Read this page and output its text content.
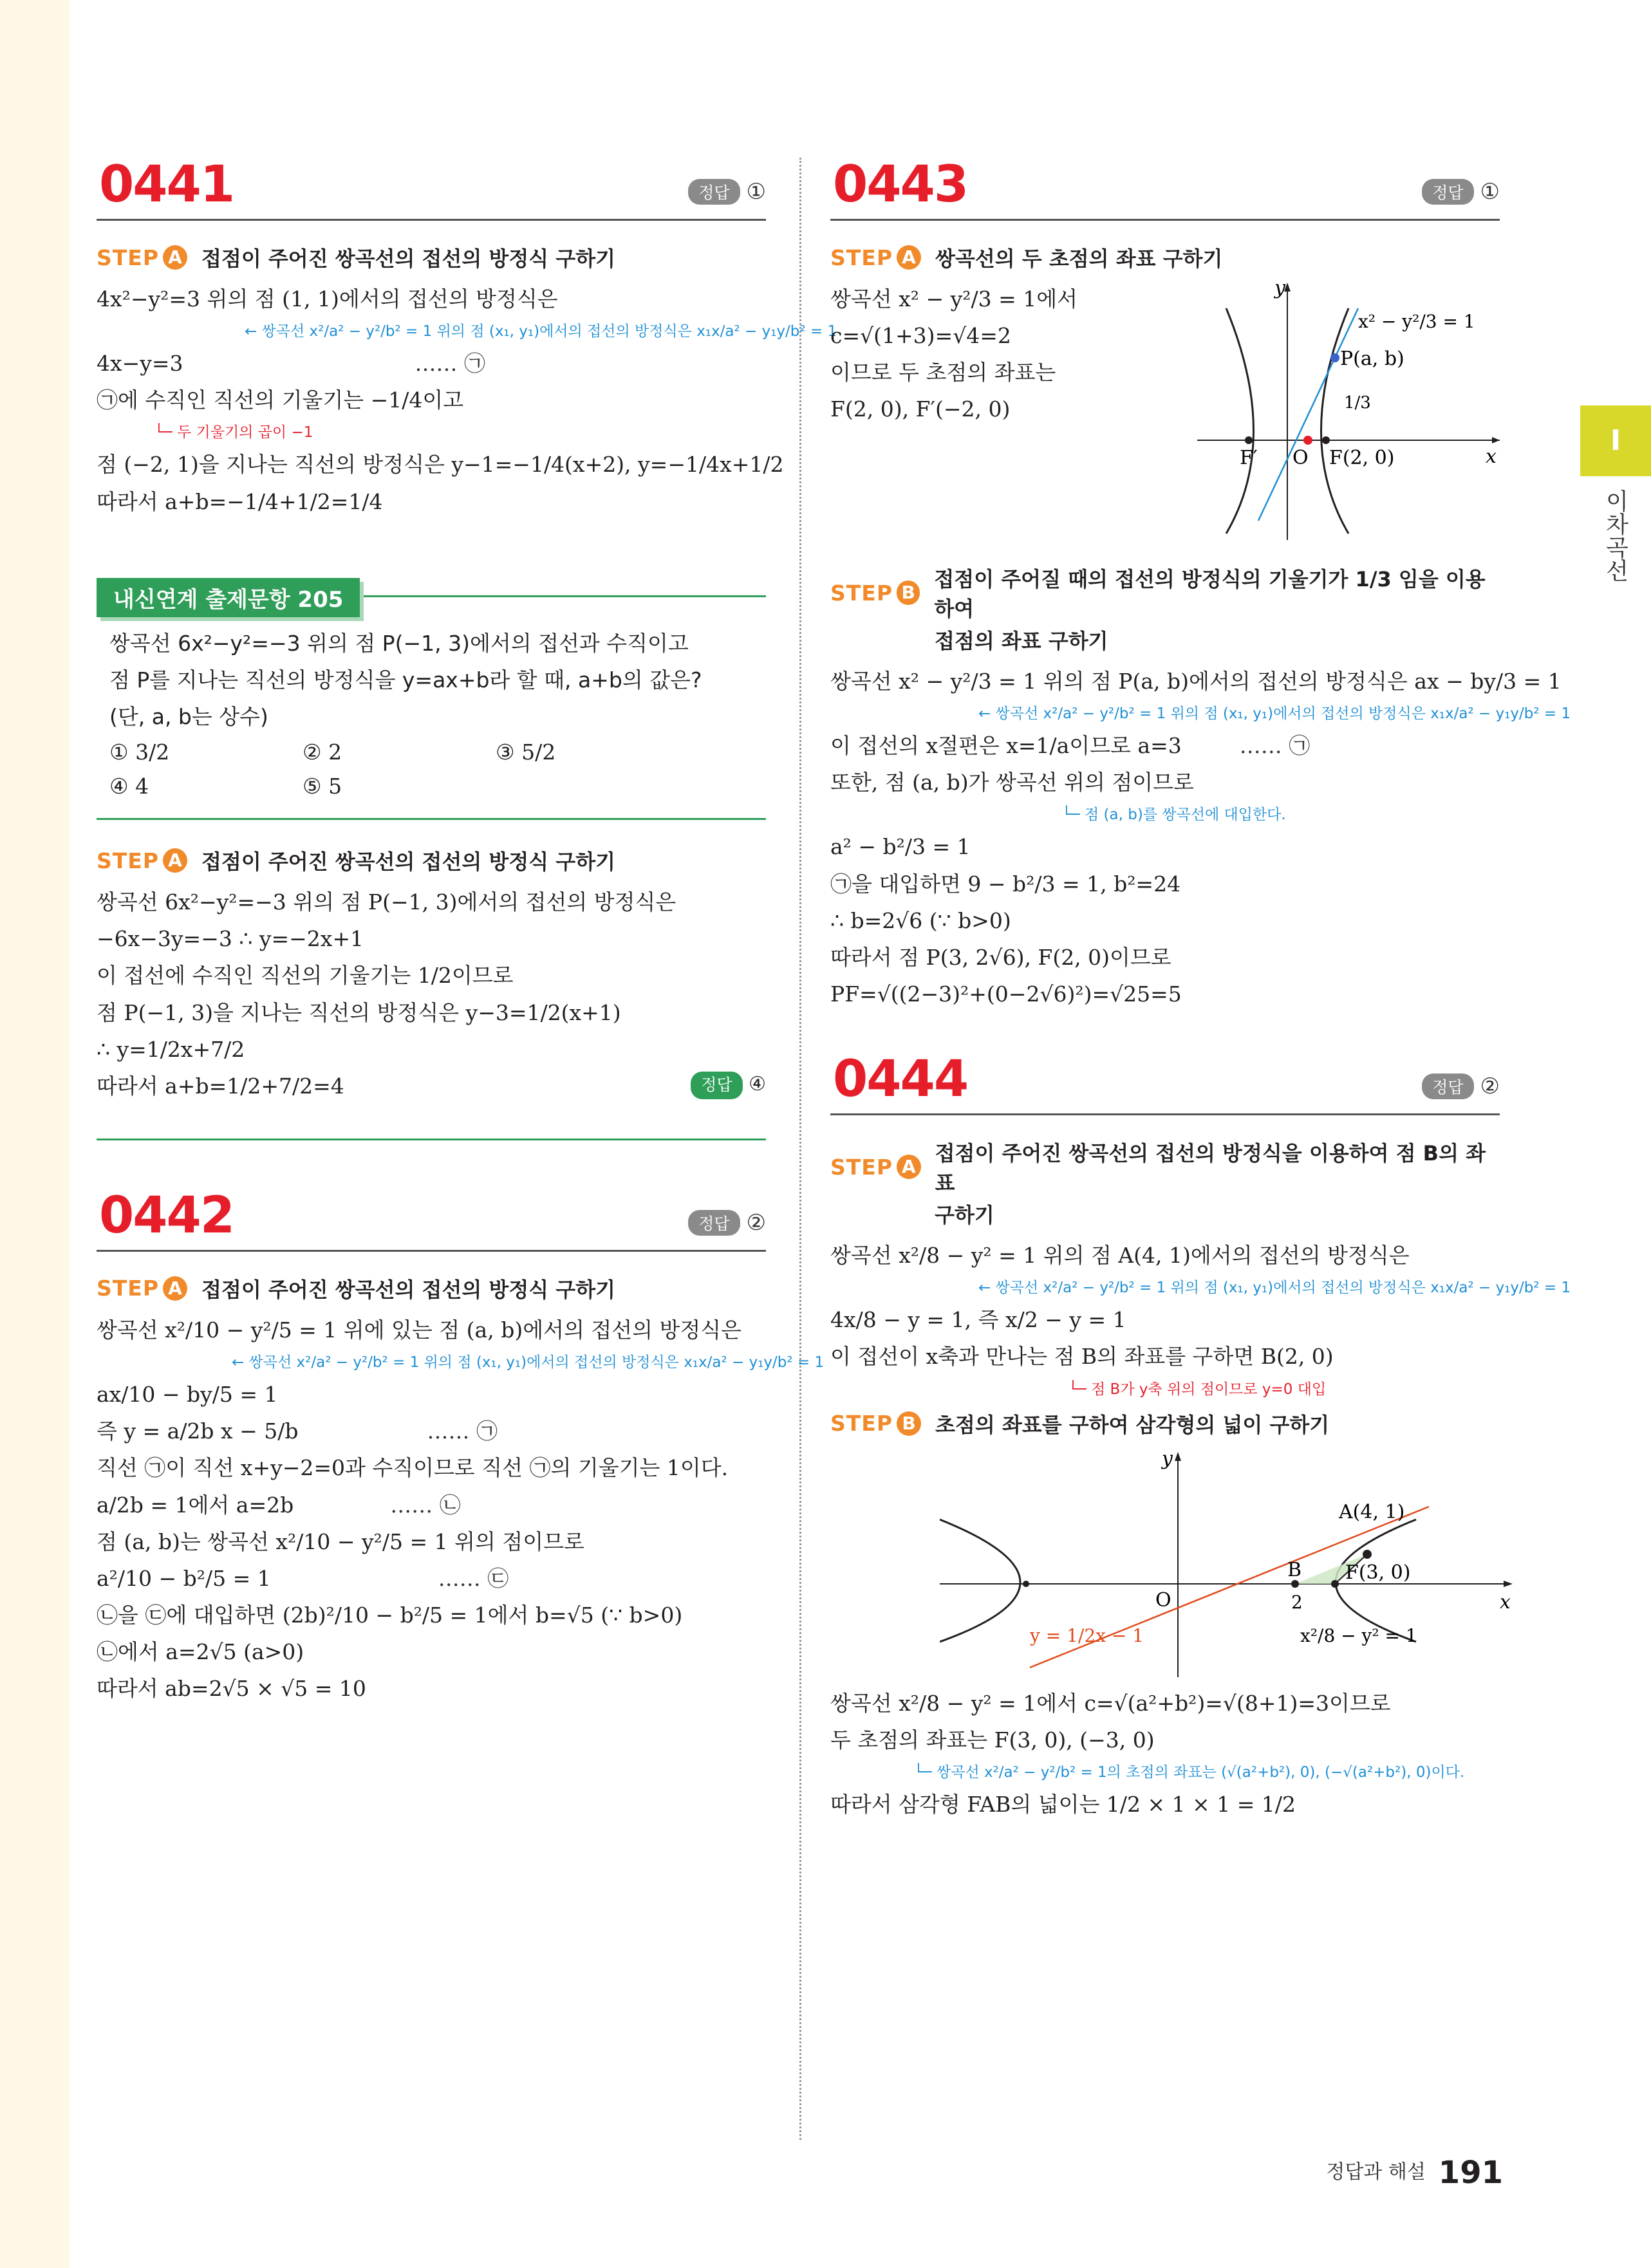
I
이차곡선
0441	정답 ①
STEP A 접점이 주어진 쌍곡선의 접선의 방정식 구하기
4x²−y²=3 위의 점 (1, 1)에서의 접선의 방정식은
← 쌍곡선 x²/a² − y²/b² = 1 위의 점 (x₁, y₁)에서의 접선의 방정식은 x₁x/a² − y₁y/b² = 1
4x−y=3	…… ㉠
㉠에 수직인 직선의 기울기는 −1/4이고
└─ 두 기울기의 곱이 −1
점 (−2, 1)을 지나는 직선의 방정식은 y−1=−1/4(x+2), y=−1/4x+1/2
따라서 a+b=−1/4+1/2=1/4
내신연계 출제문항 205
쌍곡선 6x²−y²=−3 위의 점 P(−1, 3)에서의 접선과 수직이고
점 P를 지나는 직선의 방정식을 y=ax+b라 할 때, a+b의 값은?
(단, a, b는 상수)
① 3/2	② 2	③ 5/2
④ 4	⑤ 5
STEP A 접점이 주어진 쌍곡선의 접선의 방정식 구하기
쌍곡선 6x²−y²=−3 위의 점 P(−1, 3)에서의 접선의 방정식은
−6x−3y=−3 ∴ y=−2x+1
이 접선에 수직인 직선의 기울기는 1/2이므로
점 P(−1, 3)을 지나는 직선의 방정식은 y−3=1/2(x+1)
∴ y=1/2x+7/2
따라서 a+b=1/2+7/2=4	정답 ④
0442	정답 ②
STEP A 접점이 주어진 쌍곡선의 접선의 방정식 구하기
쌍곡선 x²/10 − y²/5 = 1 위에 있는 점 (a, b)에서의 접선의 방정식은
← 쌍곡선 x²/a² − y²/b² = 1 위의 점 (x₁, y₁)에서의 접선의 방정식은 x₁x/a² − y₁y/b² = 1
ax/10 − by/5 = 1
즉 y = a/2b x − 5/b	…… ㉠
직선 ㉠이 직선 x+y−2=0과 수직이므로 직선 ㉠의 기울기는 1이다.
a/2b = 1에서 a=2b	…… ㉡
점 (a, b)는 쌍곡선 x²/10 − y²/5 = 1 위의 점이므로
a²/10 − b²/5 = 1	…… ㉢
㉡을 ㉢에 대입하면 (2b)²/10 − b²/5 = 1에서 b=√5 (∵ b>0)
㉡에서 a=2√5 (a>0)
따라서 ab=2√5 × √5 = 10
0443	정답 ①
STEP A 쌍곡선의 두 초점의 좌표 구하기
쌍곡선 x² − y²/3 = 1에서
c=√(1+3)=√4=2
이므로 두 초점의 좌표는
F(2, 0), F′(−2, 0)
y
x
x² − y²/3 = 1
P(a, b)
1/3
F(2, 0)
F′ O
STEP B
접점이 주어질 때의 접선의 방정식의 기울기가 1/3 임을 이용하여
접점의 좌표 구하기
쌍곡선 x² − y²/3 = 1 위의 점 P(a, b)에서의 접선의 방정식은 ax − by/3 = 1
← 쌍곡선 x²/a² − y²/b² = 1 위의 점 (x₁, y₁)에서의 접선의 방정식은 x₁x/a² − y₁y/b² = 1
이 접선의 x절편은 x=1/a이므로 a=3	…… ㉠
또한, 점 (a, b)가 쌍곡선 위의 점이므로
└─ 점 (a, b)를 쌍곡선에 대입한다.
a² − b²/3 = 1
㉠을 대입하면 9 − b²/3 = 1, b²=24
∴ b=2√6 (∵ b>0)
따라서 점 P(3, 2√6), F(2, 0)이므로
PF=√((2−3)²+(0−2√6)²)=√25=5
0444	정답 ②
STEP A
접점이 주어진 쌍곡선의 접선의 방정식을 이용하여 점 B의 좌표
구하기
쌍곡선 x²/8 − y² = 1 위의 점 A(4, 1)에서의 접선의 방정식은
← 쌍곡선 x²/a² − y²/b² = 1 위의 점 (x₁, y₁)에서의 접선의 방정식은 x₁x/a² − y₁y/b² = 1
4x/8 − y = 1, 즉 x/2 − y = 1
이 접선이 x축과 만나는 점 B의 좌표를 구하면 B(2, 0)
└─ 점 B가 y축 위의 점이므로 y=0 대입
STEP B 초점의 좌표를 구하여 삼각형의 넓이 구하기
y
x
O
B
2
A(4, 1)
F(3, 0)
x²/8 − y² = 1
y = 1/2x − 1
쌍곡선 x²/8 − y² = 1에서 c=√(a²+b²)=√(8+1)=3이므로
두 초점의 좌표는 F(3, 0), (−3, 0)
└─ 쌍곡선 x²/a² − y²/b² = 1의 초점의 좌표는 (√(a²+b²), 0), (−√(a²+b²), 0)이다.
따라서 삼각형 FAB의 넓이는 1/2 × 1 × 1 = 1/2
정답과 해설 191
